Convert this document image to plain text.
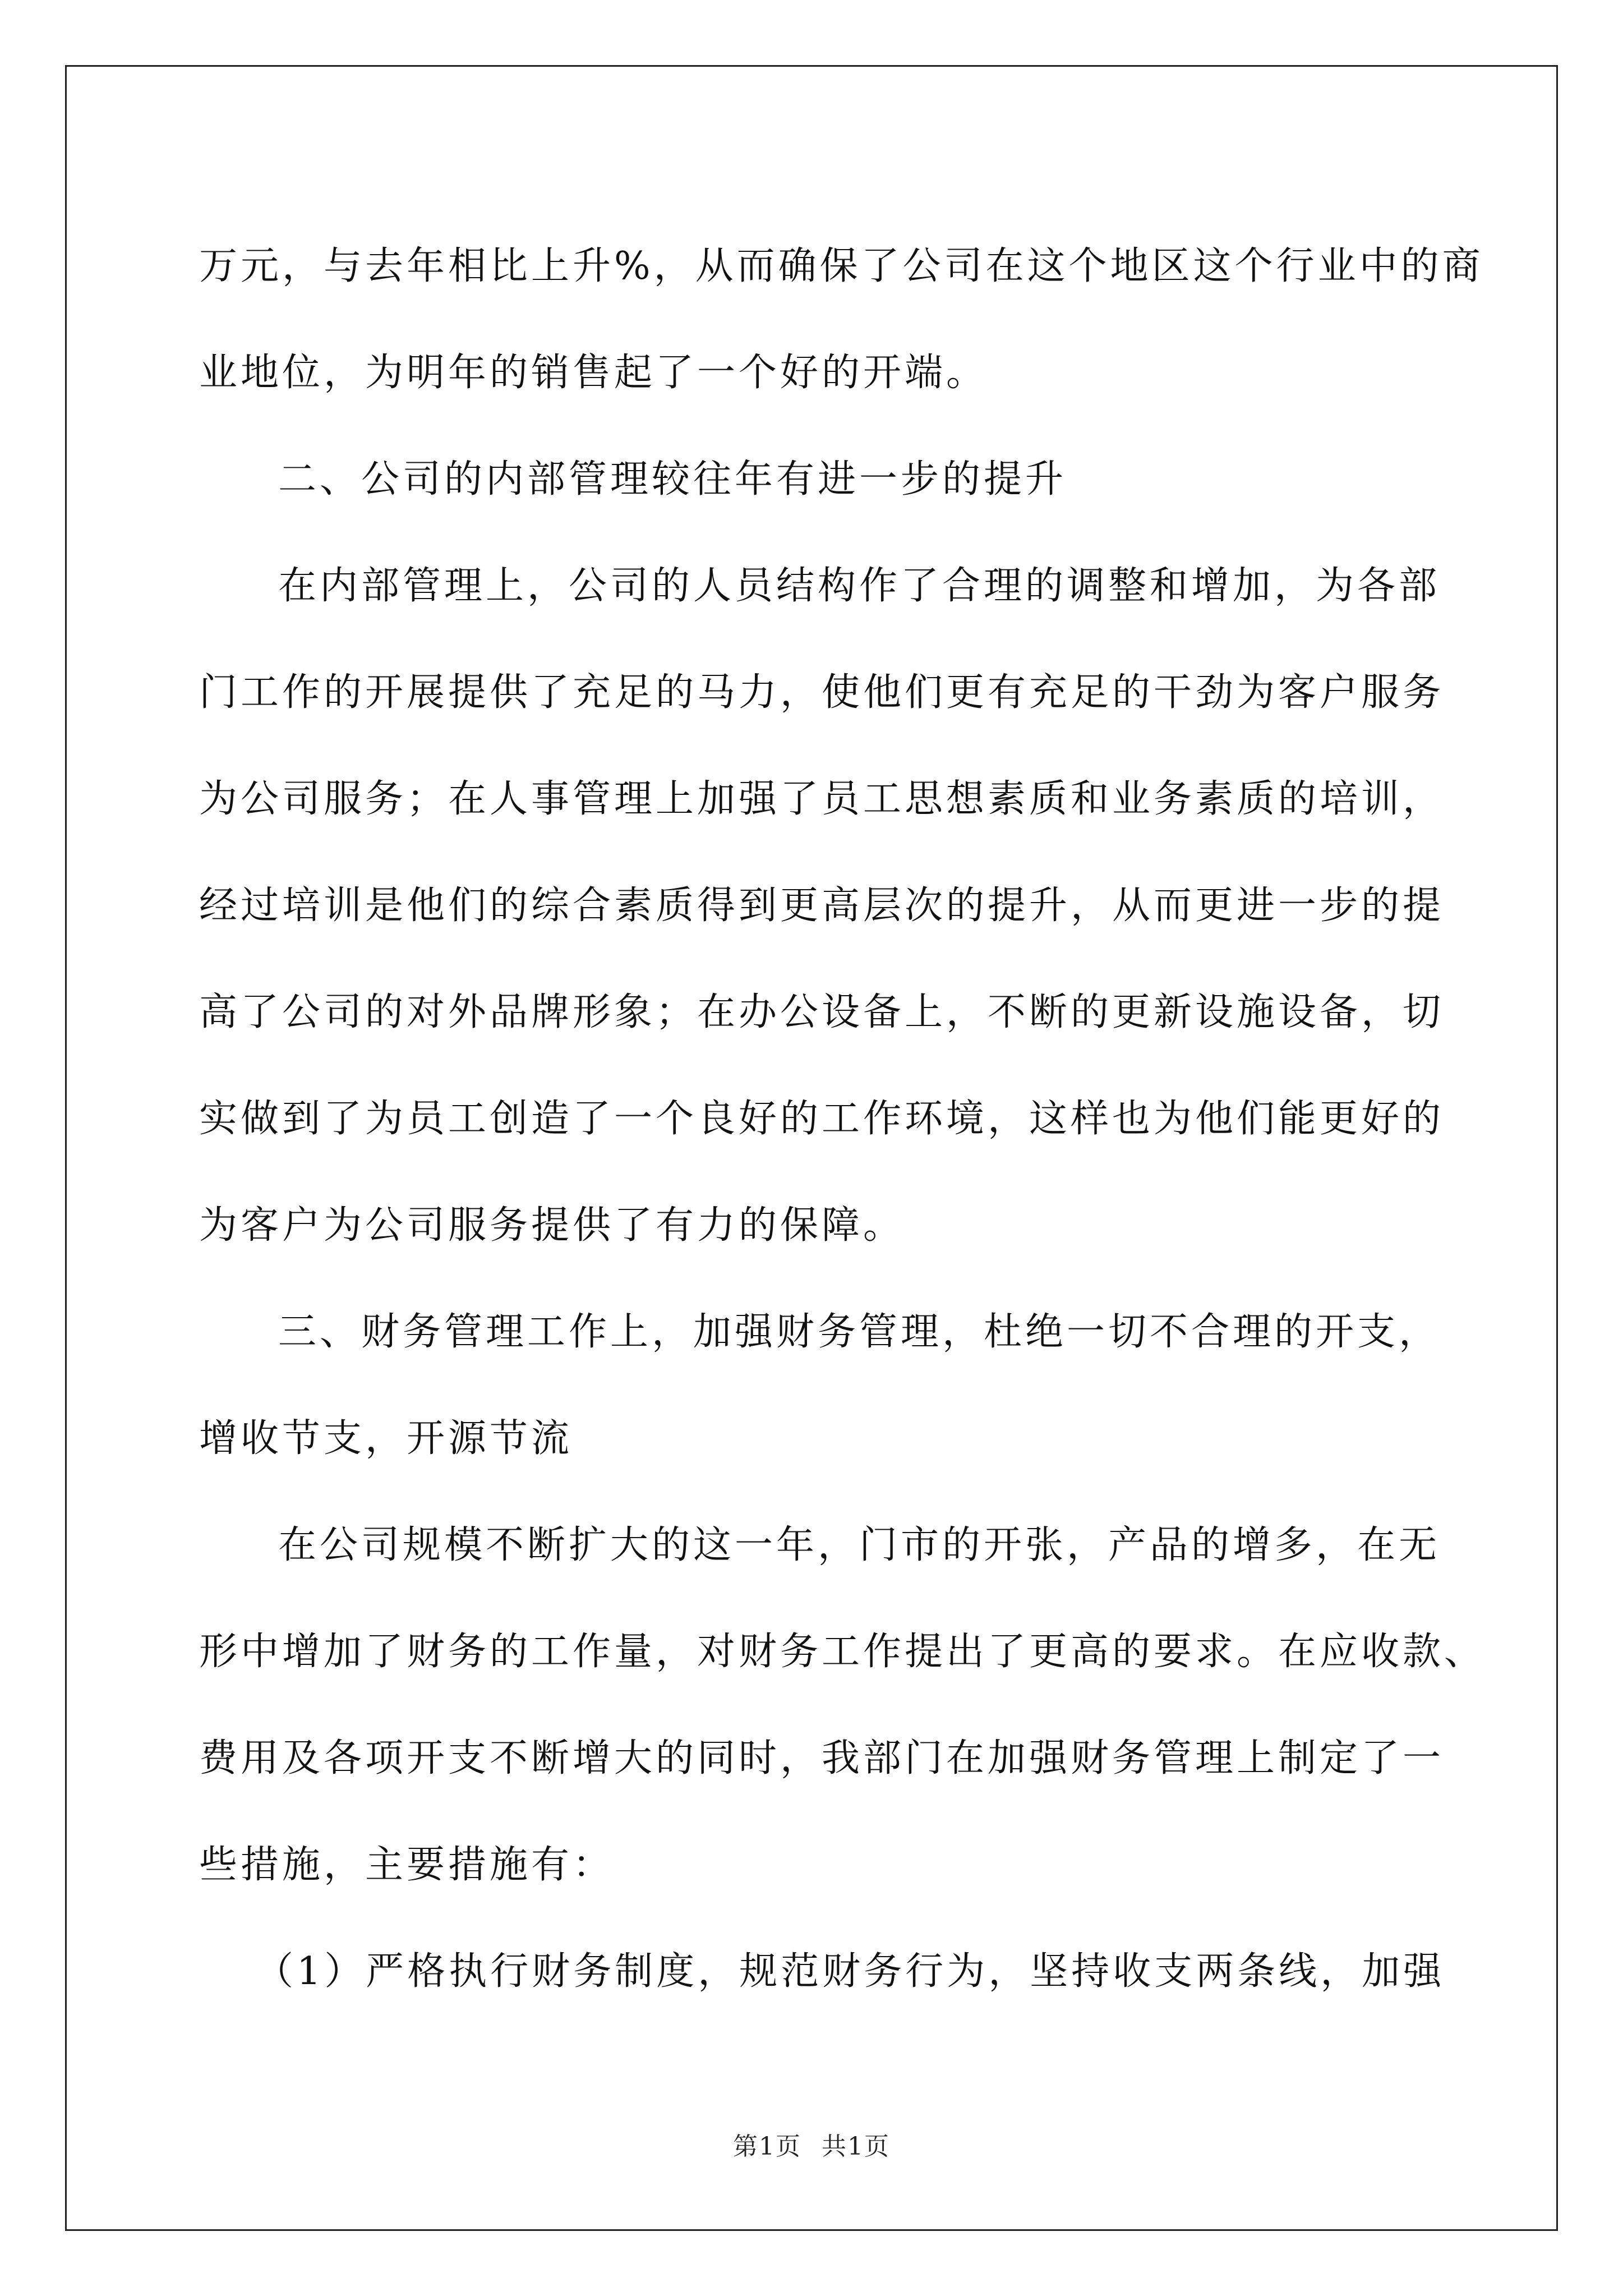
万元，与去年相比上升%，从而确保了公司在这个地区这个行业中的商
业地位，为明年的销售起了一个好的开端。
二、公司的内部管理较往年有进一步的提升
在内部管理上，公司的人员结构作了合理的调整和增加，为各部
门工作的开展提供了充足的马力，使他们更有充足的干劲为客户服务
为公司服务；在人事管理上加强了员工思想素质和业务素质的培训，
经过培训是他们的综合素质得到更高层次的提升，从而更进一步的提
高了公司的对外品牌形象；在办公设备上，不断的更新设施设备，切
实做到了为员工创造了一个良好的工作环境，这样也为他们能更好的
为客户为公司服务提供了有力的保障。
三、财务管理工作上，加强财务管理，杜绝一切不合理的开支，
增收节支，开源节流
在公司规模不断扩大的这一年，门市的开张，产品的增多，在无
形中增加了财务的工作量，对财务工作提出了更高的要求。在应收款、
费用及各项开支不断增大的同时，我部门在加强财务管理上制定了一
些措施，主要措施有：
（1）严格执行财务制度，规范财务行为，坚持收支两条线，加强
第1页 共1页
